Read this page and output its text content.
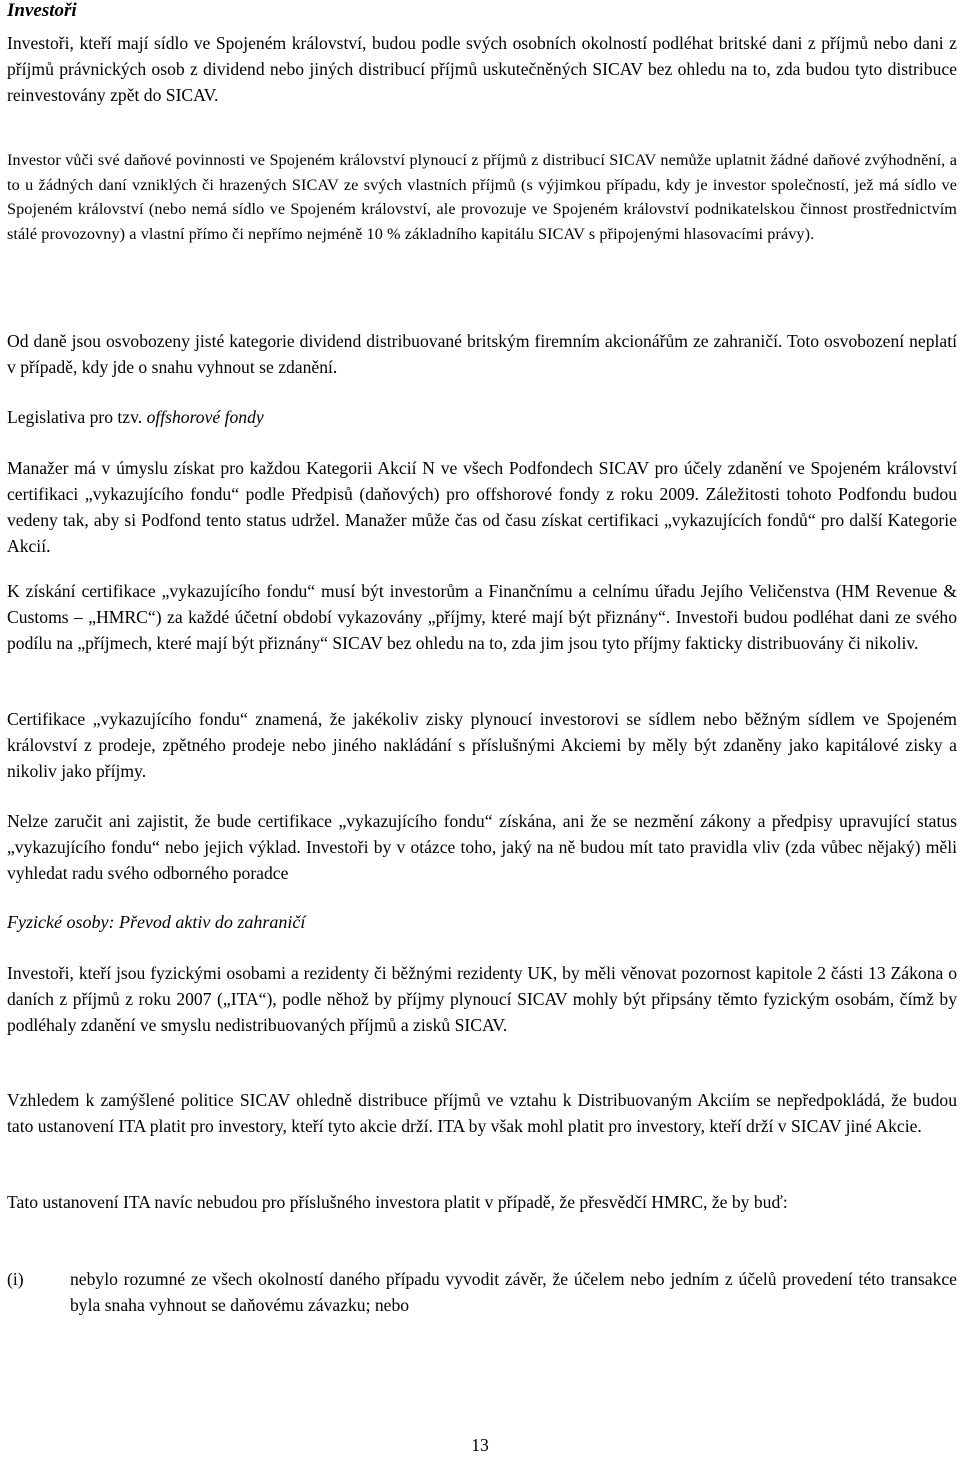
Investoři

Investoři, kteří mají sídlo ve Spojeném království, budou podle svých osobních okolností podléhat britské dani z příjmů nebo dani z příjmů právnických osob z dividend nebo jiných distribucí příjmů uskutečněných SICAV bez ohledu na to, zda budou tyto distribuce reinvestovány zpět do SICAV.

Investor vůči své daňové povinnosti ve Spojeném království plynoucí z příjmů z distribucí SICAV nemůže uplatnit žádné daňové zvýhodnění, a to u žádných daní vzniklých či hrazených SICAV ze svých vlastních příjmů (s výjimkou případu, kdy je investor společností, jež má sídlo ve Spojeném království (nebo nemá sídlo ve Spojeném království, ale provozuje ve Spojeném království podnikatelskou činnost prostřednictvím stálé provozovny) a vlastní přímo či nepřímo nejméně 10 % základního kapitálu SICAV s připojenými hlasovacími právy).

Od daně jsou osvobozeny jisté kategorie dividend distribuované britským firemním akcionářům ze zahraničí. Toto osvobození neplatí v případě, kdy jde o snahu vyhnout se zdanění.

Legislativa pro tzv. offshorové fondy

Manažer má v úmyslu získat pro každou Kategorii Akcií N ve všech Podfondech SICAV pro účely zdanění ve Spojeném království certifikaci „vykazujícího fondu“ podle Předpisů (daňových) pro offshorové fondy z roku 2009. Záležitosti tohoto Podfondu budou vedeny tak, aby si Podfond tento status udržel. Manažer může čas od času získat certifikaci „vykazujících fondů“ pro další Kategorie Akcií.

K získání certifikace „vykazujícího fondu“ musí být investorům a Finančnímu a celnímu úřadu Jejího Veličenstva (HM Revenue & Customs – „HMRC“) za každé účetní období vykazovány „příjmy, které mají být přiznány“. Investoři budou podléhat dani ze svého podílu na „příjmech, které mají být přiznány“ SICAV bez ohledu na to, zda jim jsou tyto příjmy fakticky distribuovány či nikoliv.

Certifikace „vykazujícího fondu“ znamená, že jakékoliv zisky plynoucí investorovi se sídlem nebo běžným sídlem ve Spojeném království z prodeje, zpětného prodeje nebo jiného nakládání s příslušnými Akciemi by měly být zdaněny jako kapitálové zisky a nikoliv jako příjmy.

Nelze zaručit ani zajistit, že bude certifikace „vykazujícího fondu“ získána, ani že se nezmění zákony a předpisy upravující status „vykazujícího fondu“ nebo jejich výklad. Investoři by v otázce toho, jaký na ně budou mít tato pravidla vliv (zda vůbec nějaký) měli vyhledat radu svého odborného poradce

Fyzické osoby: Převod aktiv do zahraničí

Investoři, kteří jsou fyzickými osobami a rezidenty či běžnými rezidenty UK, by měli věnovat pozornost kapitole 2 části 13 Zákona o daních z příjmů z roku 2007 („ITA“), podle něhož by příjmy plynoucí SICAV mohly být připsány těmto fyzickým osobám, čímž by podléhaly zdanění ve smyslu nedistribuovaných příjmů a zisků SICAV.

Vzhledem k zamýšlené politice SICAV ohledně distribuce příjmů ve vztahu k Distribuovaným Akciím se nepředpokládá, že budou tato ustanovení ITA platit pro investory, kteří tyto akcie drží. ITA by však mohl platit pro investory, kteří drží v SICAV jiné Akcie.

Tato ustanovení ITA navíc nebudou pro příslušného investora platit v případě, že přesvědčí HMRC, že by buď:

(i)	nebylo rozumné ze všech okolností daného případu vyvodit závěr, že účelem nebo jedním z účelů provedení této transakce byla snaha vyhnout se daňovému závazku; nebo

13
